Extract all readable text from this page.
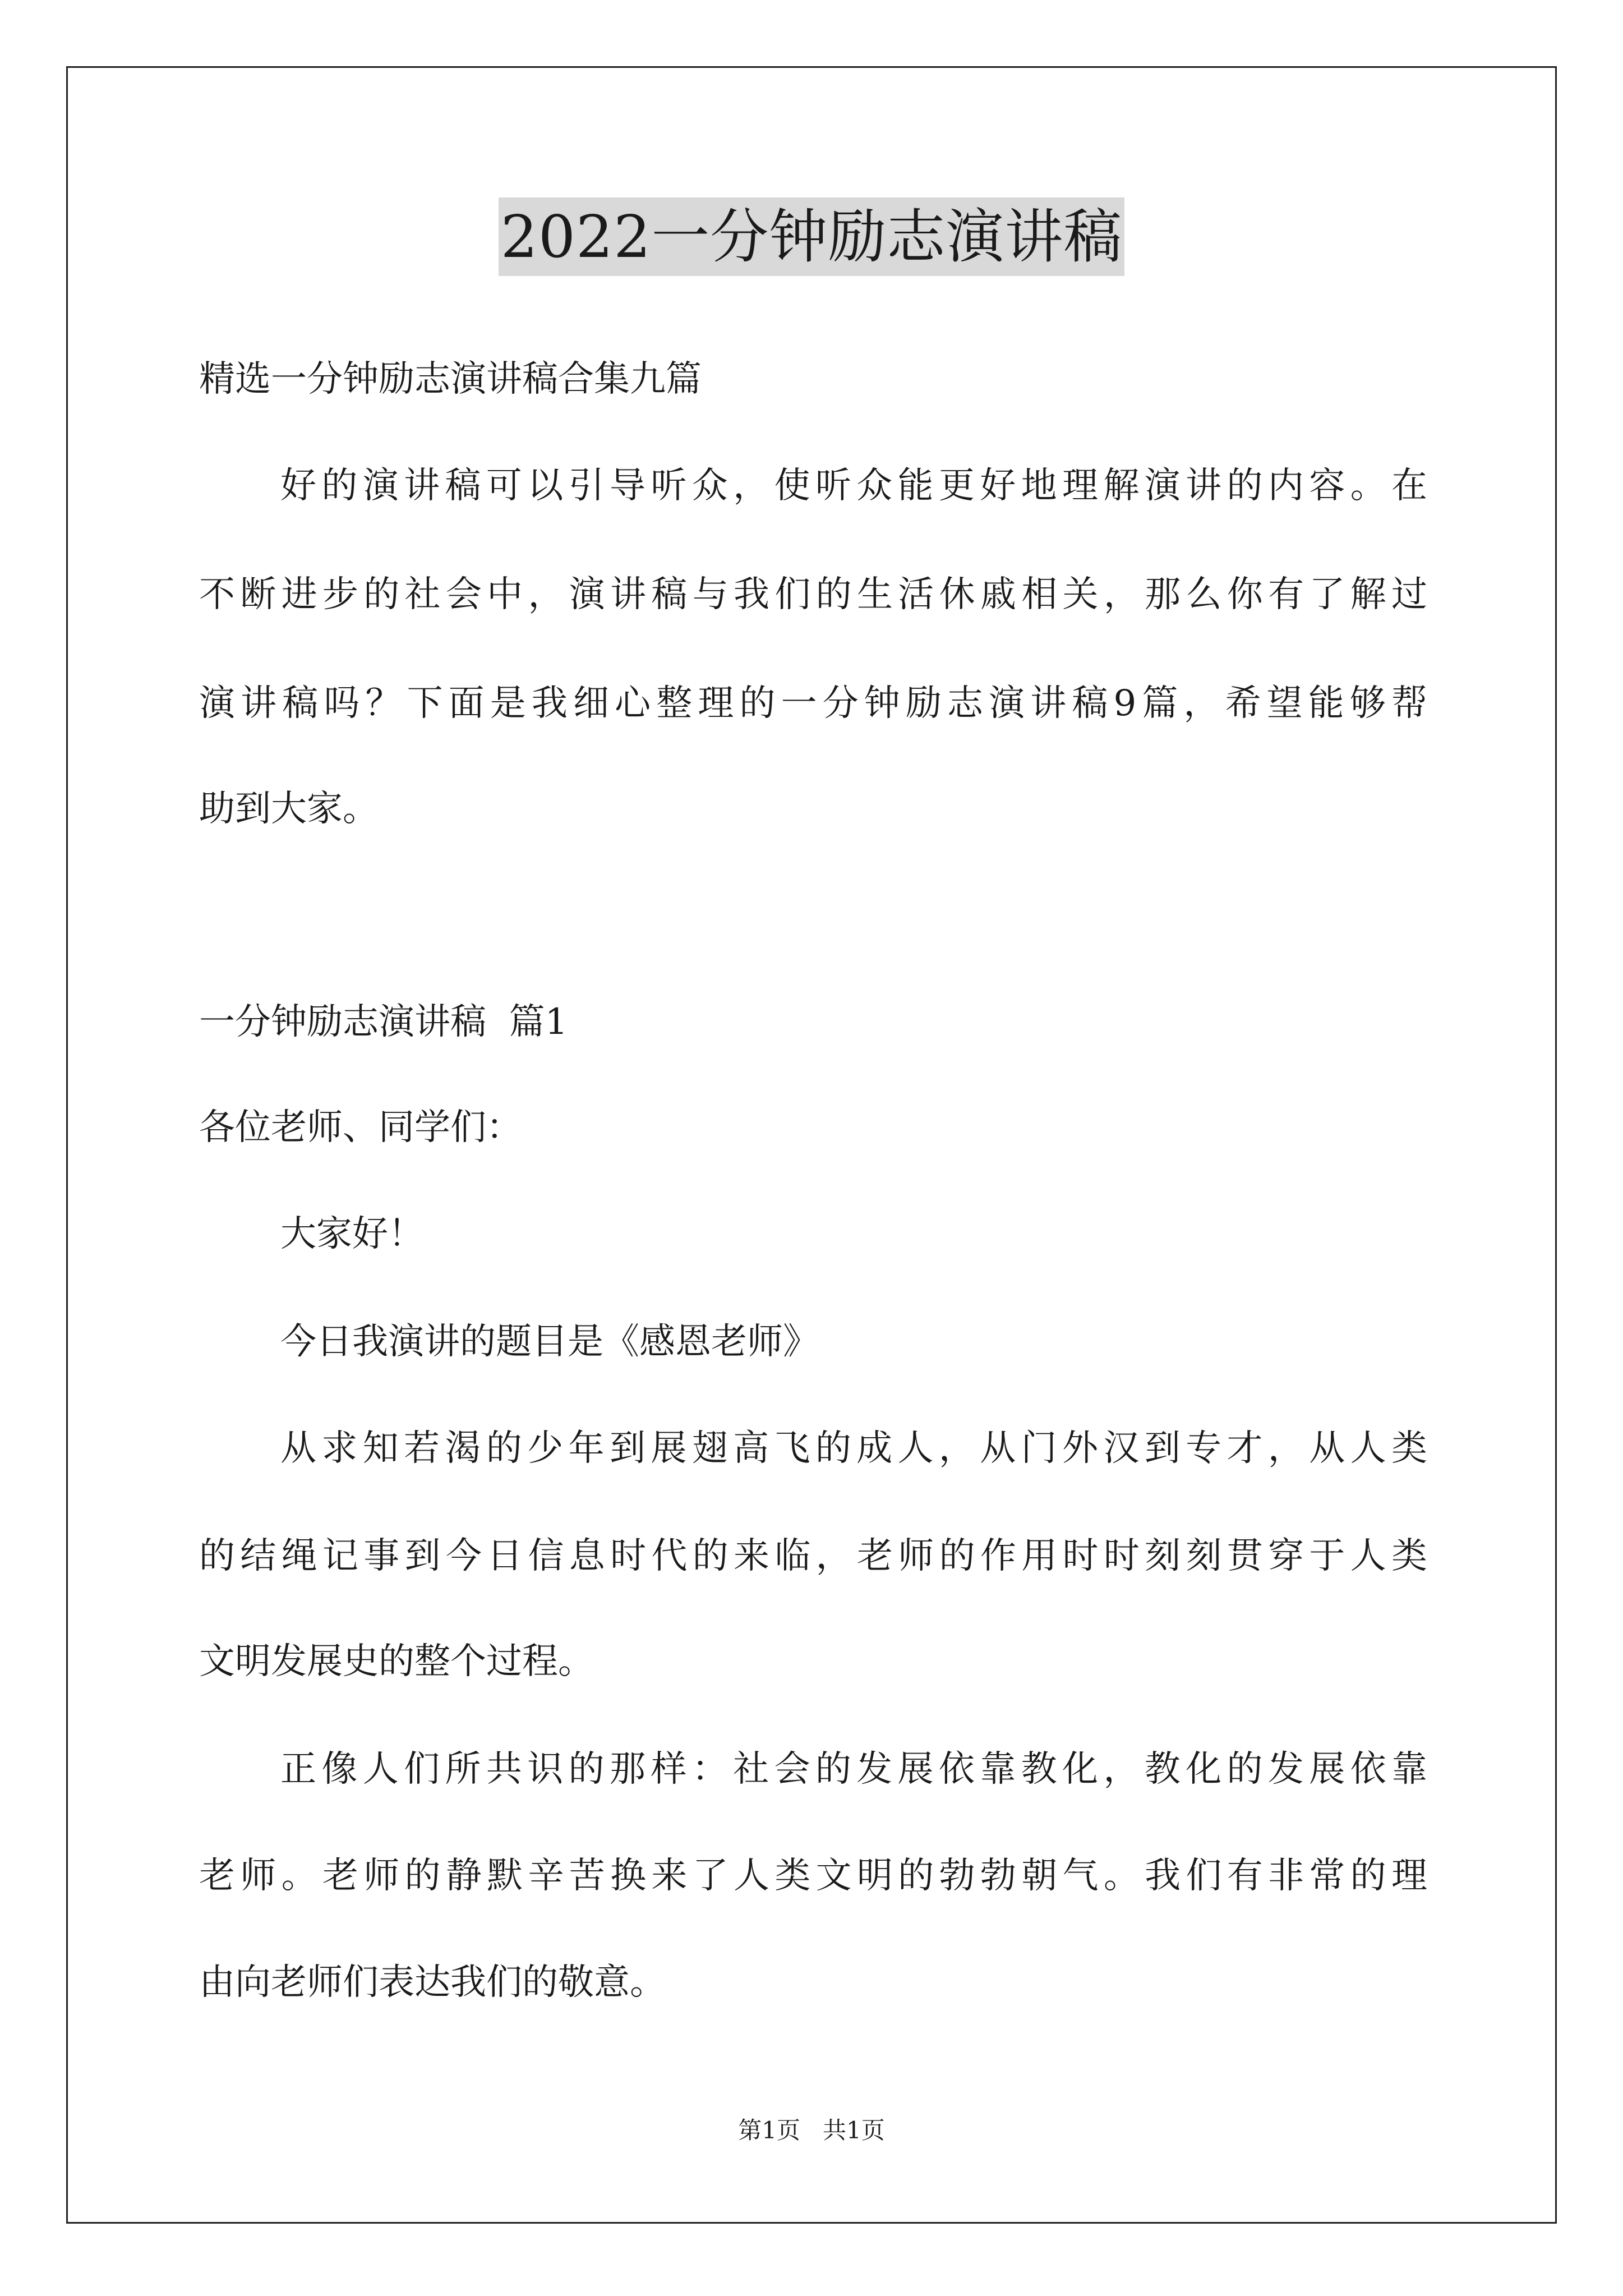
2022一分钟励志演讲稿
精选一分钟励志演讲稿合集九篇
好的演讲稿可以引导听众，使听众能更好地理解演讲的内容。在
不断进步的社会中，演讲稿与我们的生活休戚相关，那么你有了解过
演讲稿吗？下面是我细心整理的一分钟励志演讲稿9篇，希望能够帮
助到大家。
一分钟励志演讲稿  篇1
各位老师、同学们：
大家好！
今日我演讲的题目是《感恩老师》
从求知若渴的少年到展翅高飞的成人，从门外汉到专才，从人类
的结绳记事到今日信息时代的来临，老师的作用时时刻刻贯穿于人类
文明发展史的整个过程。
正像人们所共识的那样：社会的发展依靠教化，教化的发展依靠
老师。老师的静默辛苦换来了人类文明的勃勃朝气。我们有非常的理
由向老师们表达我们的敬意。
第1页   共1页
